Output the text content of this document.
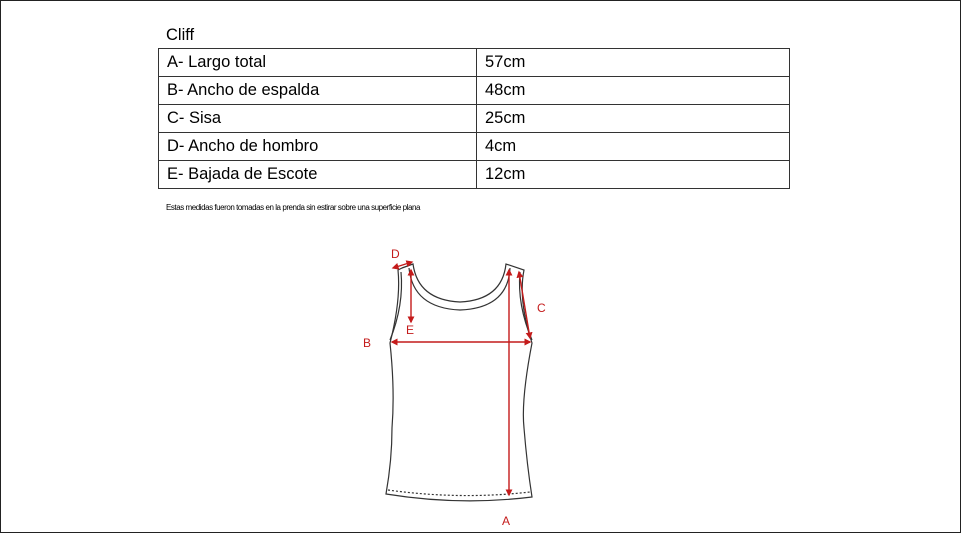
Cliff
A- Largo total	57cm
B- Ancho de espalda	48cm
C- Sisa	25cm
D- Ancho de hombro	4cm
E- Bajada de Escote	12cm
Estas medidas fueron tomadas en la prenda sin estirar sobre una superficie plana
A
B
C
D
E
